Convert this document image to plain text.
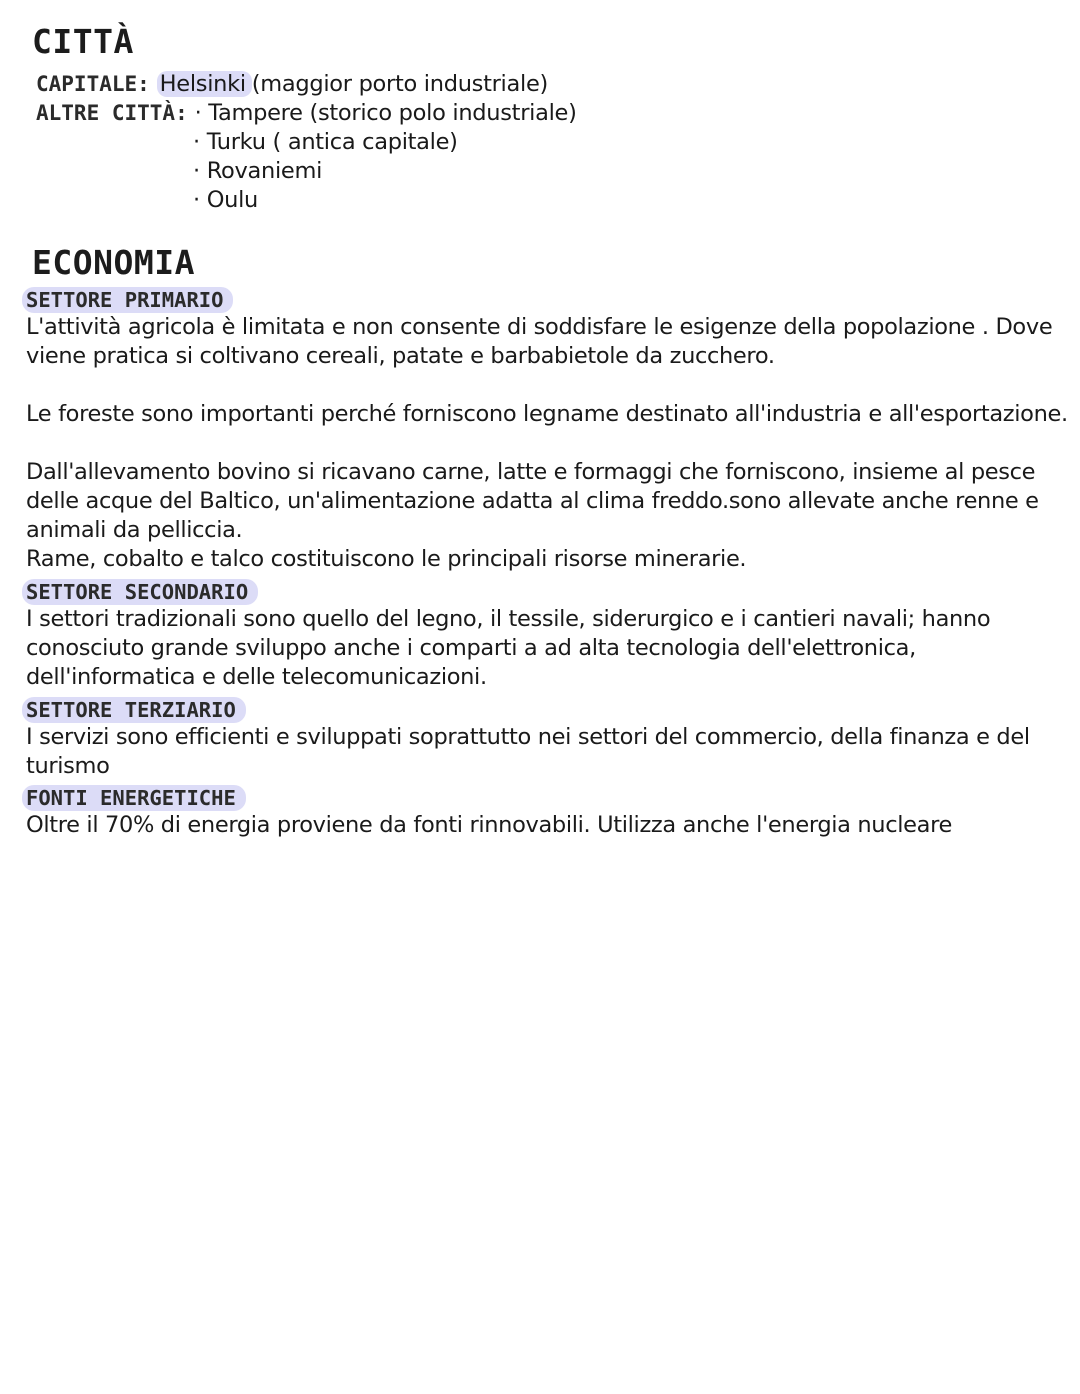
CITTÀ
CAPITALE: Helsinki (maggior porto industriale)
ALTRE CITTÀ: · Tampere (storico polo industriale)
· Turku ( antica capitale)
· Rovaniemi
· Oulu
ECONOMIA
SETTORE PRIMARIO

L'attività agricola è limitata e non consente di soddisfare le esigenze della popolazione . Dove viene pratica si coltivano cereali, patate e barbabietole da zucchero.

Le foreste sono importanti perché forniscono legname destinato all'industria e all'esportazione.

Dall'allevamento bovino si ricavano carne, latte e formaggi che forniscono, insieme al pesce delle acque del Baltico, un'alimentazione adatta al clima freddo.sono allevate anche renne e animali da pelliccia.

Rame, cobalto e talco costituiscono le principali risorse minerarie.

SETTORE SECONDARIO

I settori tradizionali sono quello del legno, il tessile, siderurgico e i cantieri navali; hanno conosciuto grande sviluppo anche i comparti a ad alta tecnologia dell'elettronica, dell'informatica e delle telecomunicazioni.

SETTORE TERZIARIO

I servizi sono efficienti e sviluppati soprattutto nei settori del commercio, della finanza e del turismo

FONTI ENERGETICHE

Oltre il 70% di energia proviene da fonti rinnovabili. Utilizza anche l'energia nucleare
